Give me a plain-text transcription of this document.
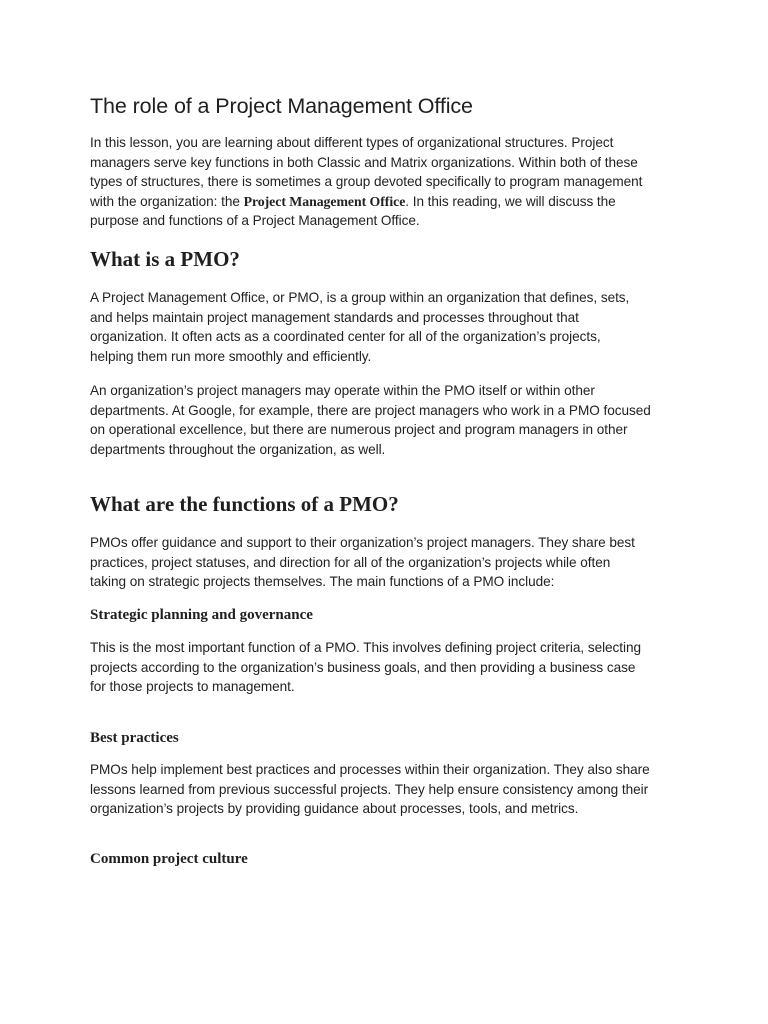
The role of a Project Management Office

In this lesson, you are learning about different types of organizational structures. Project
managers serve key functions in both Classic and Matrix organizations. Within both of these
types of structures, there is sometimes a group devoted specifically to program management
with the organization: the Project Management Office. In this reading, we will discuss the
purpose and functions of a Project Management Office.

What is a PMO?

A Project Management Office, or PMO, is a group within an organization that defines, sets,
and helps maintain project management standards and processes throughout that
organization. It often acts as a coordinated center for all of the organization’s projects,
helping them run more smoothly and efficiently.

An organization’s project managers may operate within the PMO itself or within other
departments. At Google, for example, there are project managers who work in a PMO focused
on operational excellence, but there are numerous project and program managers in other
departments throughout the organization, as well.

What are the functions of a PMO?

PMOs offer guidance and support to their organization’s project managers. They share best
practices, project statuses, and direction for all of the organization’s projects while often
taking on strategic projects themselves. The main functions of a PMO include:

Strategic planning and governance

This is the most important function of a PMO. This involves defining project criteria, selecting
projects according to the organization’s business goals, and then providing a business case
for those projects to management.

Best practices

PMOs help implement best practices and processes within their organization. They also share
lessons learned from previous successful projects. They help ensure consistency among their
organization’s projects by providing guidance about processes, tools, and metrics.

Common project culture
